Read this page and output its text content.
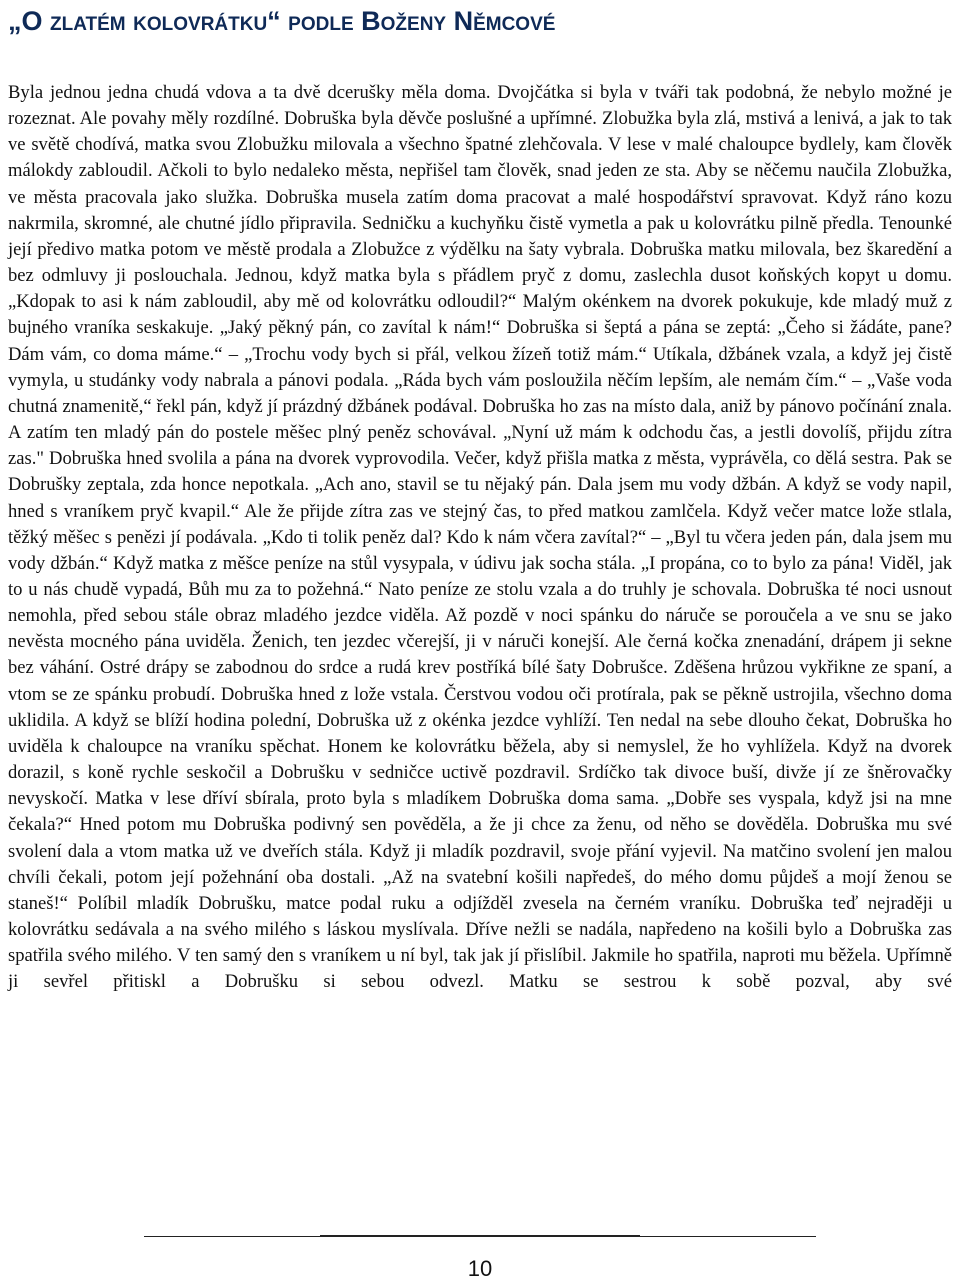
„O zlatém kolovrátku“ podle Boženy Němcové

Byla jednou jedna chudá vdova a ta dvě dcerušky měla doma. Dvojčátka si byla v tváři tak podobná, že nebylo možné je rozeznat. Ale povahy měly rozdílné. Dobruška byla děvče poslušné a upřímné. Zlobužka byla zlá, mstivá a lenivá, a jak to tak ve světě chodívá, matka svou Zlobužku milovala a všechno špatné zlehčovala. V lese v malé chaloupce bydlely, kam člověk málokdy zabloudil. Ačkoli to bylo nedaleko města, nepřišel tam člověk, snad jeden ze sta. Aby se něčemu naučila Zlobužka, ve města pracovala jako služka. Dobruška musela zatím doma pracovat a malé hospodářství spravovat. Když ráno kozu nakrmila, skromné, ale chutné jídlo připravila. Sedničku a kuchyňku čistě vymetla a pak u kolovrátku pilně předla. Tenounké její předivo matka potom ve městě prodala a Zlobužce z výdělku na šaty vybrala. Dobruška matku milovala, bez škaredění a bez odmluvy ji poslouchala. Jednou, když matka byla s přádlem pryč z domu, zaslechla dusot koňských kopyt u domu. „Kdopak to asi k nám zabloudil, aby mě od kolovrátku odloudil?“ Malým okénkem na dvorek pokukuje, kde mladý muž z bujného vraníka seskakuje. „Jaký pěkný pán, co zavítal k nám!“ Dobruška si šeptá a pána se zeptá: „Čeho si žádáte, pane? Dám vám, co doma máme.“ – „Trochu vody bych si přál, velkou žízeň totiž mám.“ Utíkala, džbánek vzala, a když jej čistě vymyla, u studánky vody nabrala a pánovi podala. „Ráda bych vám posloužila něčím lepším, ale nemám čím.“ – „Vaše voda chutná znamenitě,“ řekl pán, když jí prázdný džbánek podával. Dobruška ho zas na místo dala, aniž by pánovo počínání znala. A zatím ten mladý pán do postele měšec plný peněz schovával. „Nyní už mám k odchodu čas, a jestli dovolíš, přijdu zítra zas." Dobruška hned svolila a pána na dvorek vyprovodila. Večer, když přišla matka z města, vyprávěla, co dělá sestra. Pak se Dobrušky zeptala, zda honce nepotkala. „Ach ano, stavil se tu nějaký pán. Dala jsem mu vody džbán. A když se vody napil, hned s vraníkem pryč kvapil.“ Ale že přijde zítra zas ve stejný čas, to před matkou zamlčela. Když večer matce lože stlala, těžký měšec s penězi jí podávala. „Kdo ti tolik peněz dal? Kdo k nám včera zavítal?“ – „Byl tu včera jeden pán, dala jsem mu vody džbán.“ Když matka z měšce peníze na stůl vysypala, v údivu jak socha stála. „I propána, co to bylo za pána! Viděl, jak to u nás chudě vypadá, Bůh mu za to požehná.“ Nato peníze ze stolu vzala a do truhly je schovala. Dobruška té noci usnout nemohla, před sebou stále obraz mladého jezdce viděla. Až pozdě v noci spánku do náruče se poroučela a ve snu se jako nevěsta mocného pána uviděla. Ženich, ten jezdec včerejší, ji v náruči konejší. Ale černá kočka znenadání, drápem ji sekne bez váhání. Ostré drápy se zabodnou do srdce a rudá krev postříká bílé šaty Dobrušce. Zděšena hrůzou vykřikne ze spaní, a vtom se ze spánku probudí. Dobruška hned z lože vstala. Čerstvou vodou oči protírala, pak se pěkně ustrojila, všechno doma uklidila. A když se blíží hodina polední, Dobruška už z okénka jezdce vyhlíží. Ten nedal na sebe dlouho čekat, Dobruška ho uviděla k chaloupce na vraníku spěchat. Honem ke kolovrátku běžela, aby si nemyslel, že ho vyhlížela. Když na dvorek dorazil, s koně rychle seskočil a Dobrušku v sedničce uctivě pozdravil. Srdíčko tak divoce buší, divže jí ze šněrovačky nevyskočí. Matka v lese dříví sbírala, proto byla s mladíkem Dobruška doma sama. „Dobře ses vyspala, když jsi na mne čekala?“ Hned potom mu Dobruška podivný sen pověděla, a že ji chce za ženu, od něho se dověděla. Dobruška mu své svolení dala a vtom matka už ve dveřích stála. Když ji mladík pozdravil, svoje přání vyjevil. Na matčino svolení jen malou chvíli čekali, potom její požehnání oba dostali. „Až na svatební košili napředeš, do mého domu půjdeš a mojí ženou se staneš!“ Políbil mladík Dobrušku, matce podal ruku a odjížděl zvesela na černém vraníku. Dobruška teď nejraději u kolovrátku sedávala a na svého milého s láskou myslívala. Dříve nežli se nadála, napředeno na košili bylo a Dobruška zas spatřila svého milého. V ten samý den s vraníkem u ní byl, tak jak jí přislíbil. Jakmile ho spatřila, naproti mu běžela. Upřímně ji sevřel přitiskl a Dobrušku si sebou odvezl. Matku se sestrou k sobě pozval, aby své

10
